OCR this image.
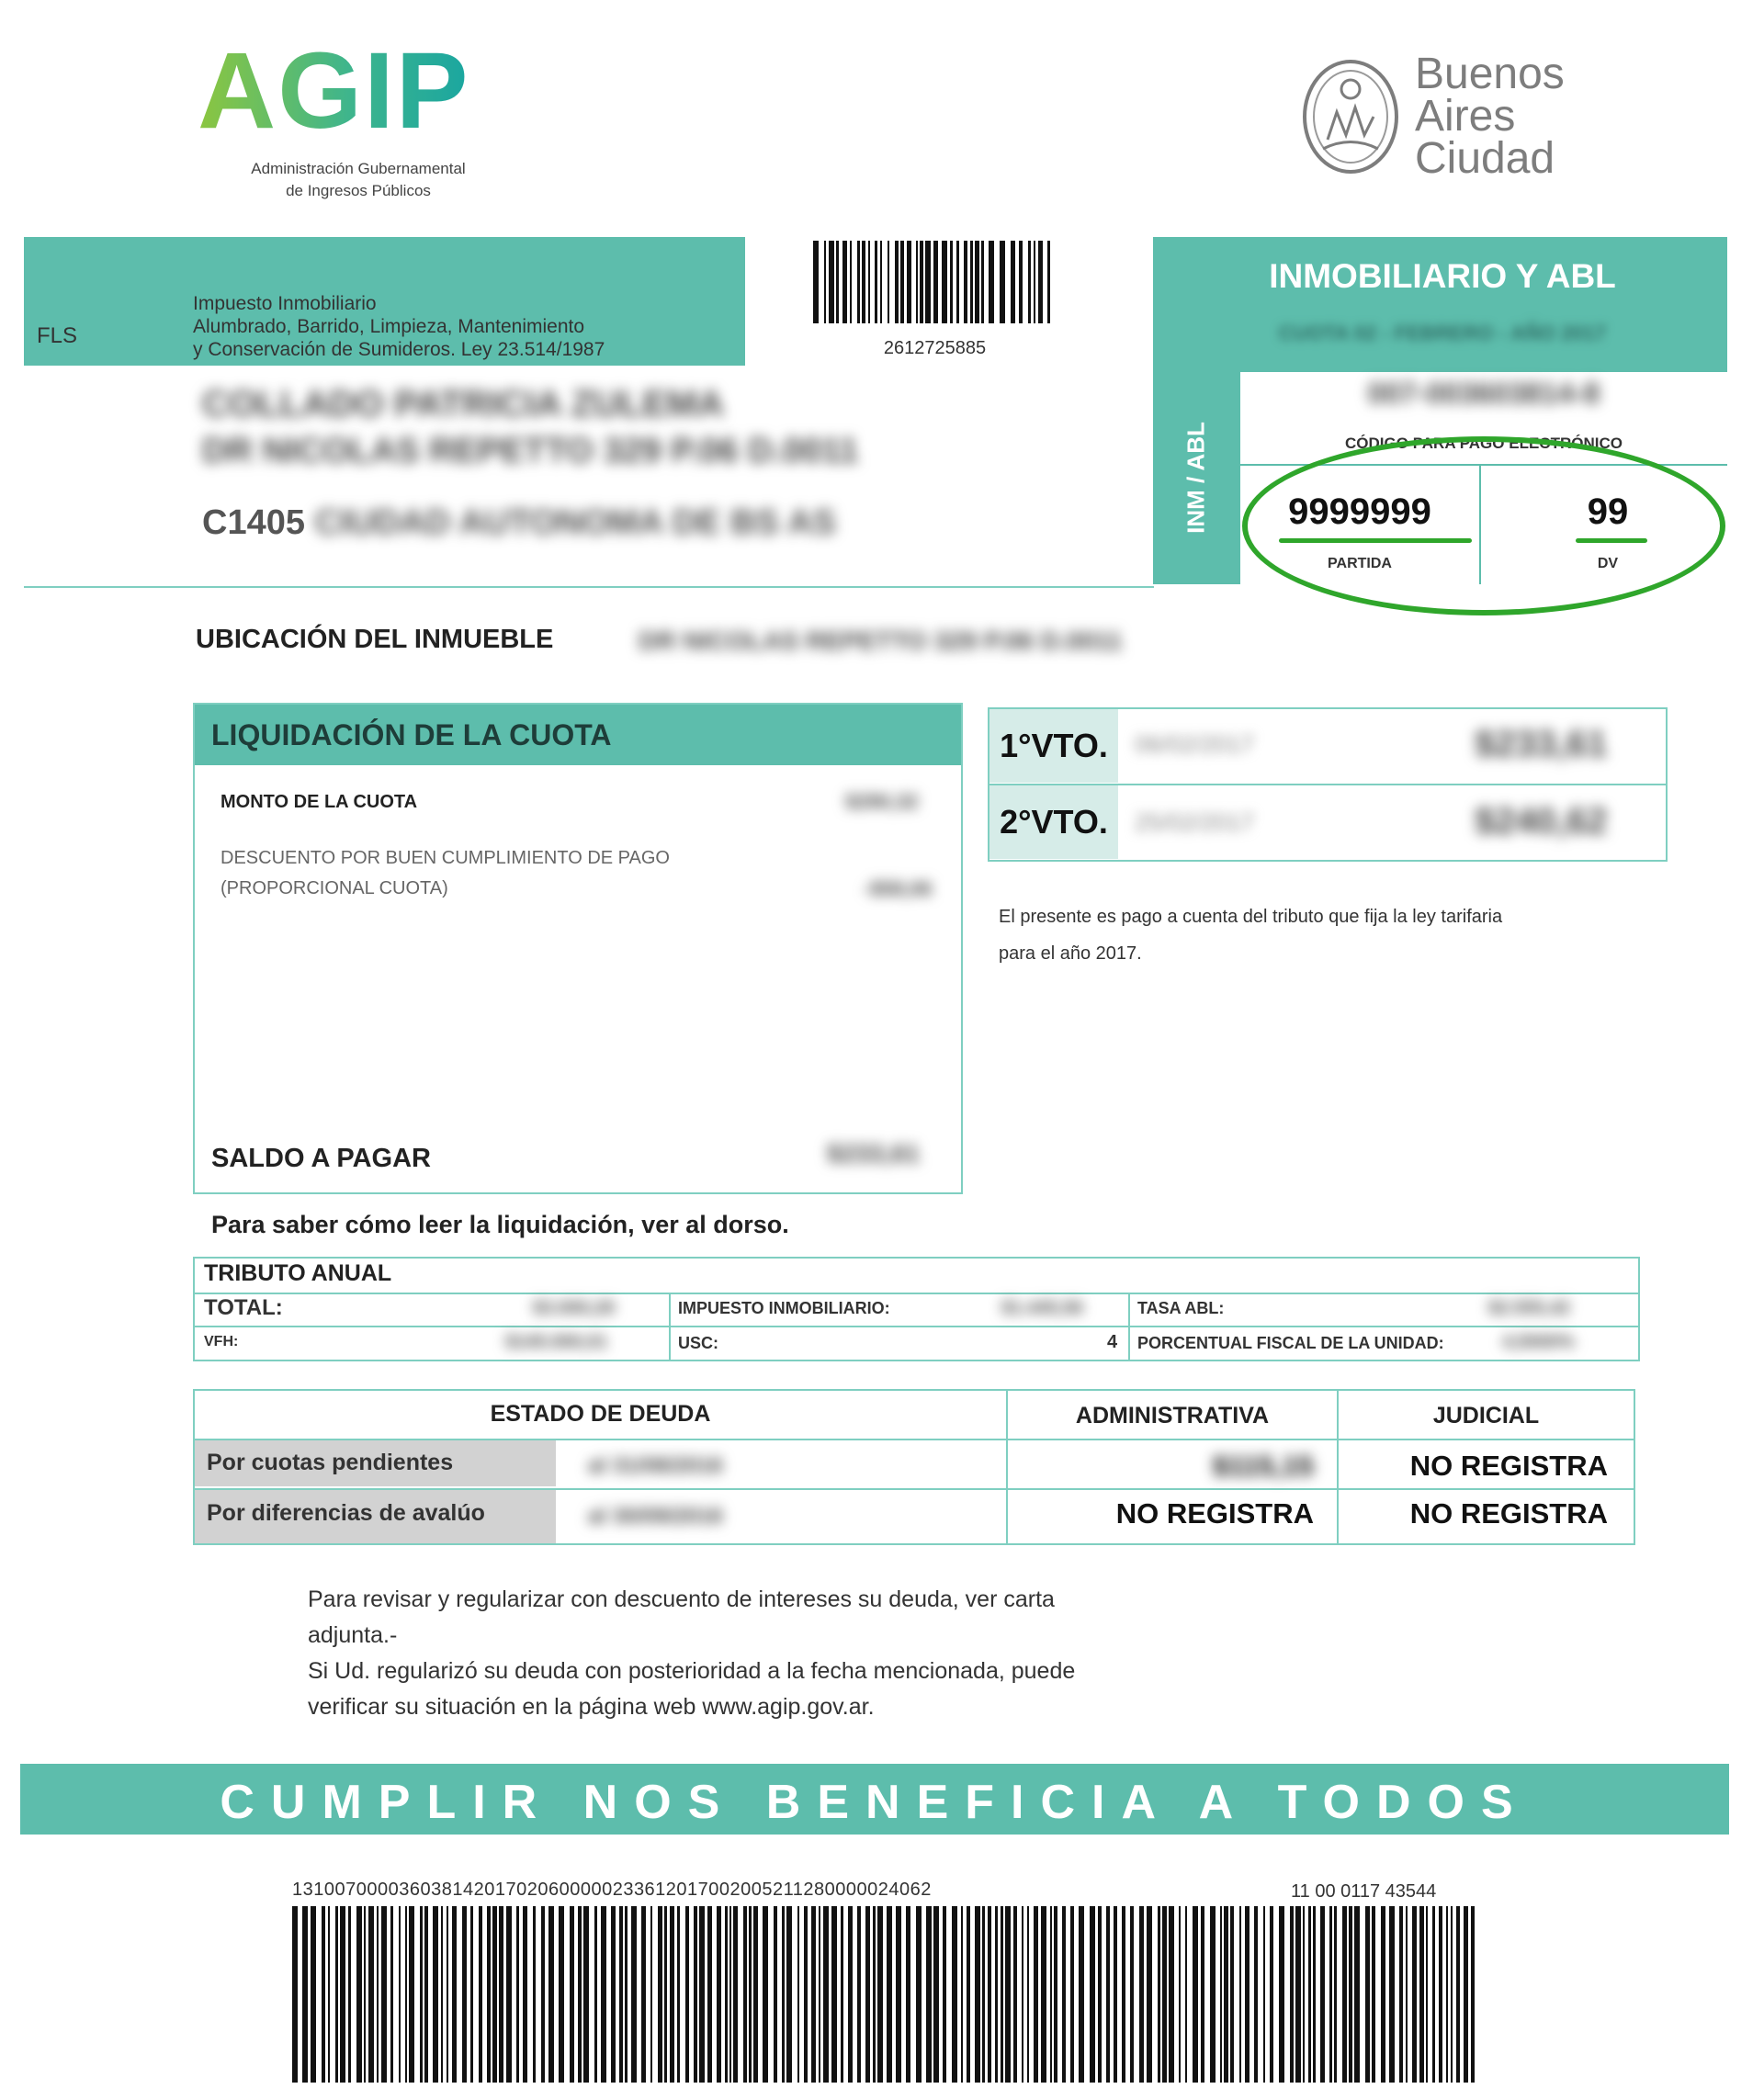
AGIP
Administración Gubernamental
de Ingresos Públicos
Buenos
Aires
Ciudad
FLS
Impuesto Inmobiliario
Alumbrado, Barrido, Limpieza, Mantenimiento
y Conservación de Sumideros. Ley 23.514/1987	2612725885
INMOBILIARIO Y ABL
CUOTA 02 - FEBRERO - AÑO 2017
INM / ABL
007-003603814-8
CÓDIGO PARA PAGO ELECTRÓNICO
9999999
PARTIDA
99
DV
COLLADO PATRICIA ZULEMA
DR NICOLAS REPETTO 329 P.06 D.0011
C1405 CIUDAD AUTONOMA DE BS AS
UBICACIÓN DEL INMUEBLE	DR NICOLAS REPETTO 329 P.06 D.0011
LIQUIDACIÓN DE LA CUOTA
MONTO DE LA CUOTA	$290,32
DESCUENTO POR BUEN CUMPLIMIENTO DE PAGO
(PROPORCIONAL CUOTA)	-$58,06
SALDO A PAGAR	$233,61
1°VTO.	06/02/2017	$233,61
2°VTO.	25/02/2017	$240,62
El presente es pago a cuenta del tributo que fija la ley tarifaria
para el año 2017.
Para saber cómo leer la liquidación, ver al dorso.
TRIBUTO ANUAL
TOTAL:	$3.000,28	IMPUESTO INMOBILIARIO:	$1.445,56	TASA ABL:	$2.555,42
VFH:	$145.000,01	USC:	4 PORCENTUAL FISCAL DE LA UNIDAD:	4,5000%
ESTADO DE DEUDA	ADMINISTRATIVA	JUDICIAL
Por cuotas pendientes	al 31/08/2016	$115,15	NO REGISTRA
Por diferencias de avalúo	al 30/09/2016	NO REGISTRA	NO REGISTRA
Para revisar y regularizar con descuento de intereses su deuda, ver carta
adjunta.-
Si Ud. regularizó su deuda con posterioridad a la fecha mencionada, puede
verificar su situación en la página web www.agip.gov.ar.
CUMPLIR NOS BENEFICIA A TODOS
131007000036038142017020600000233612017002005211280000024062	11 00 0117 43544
